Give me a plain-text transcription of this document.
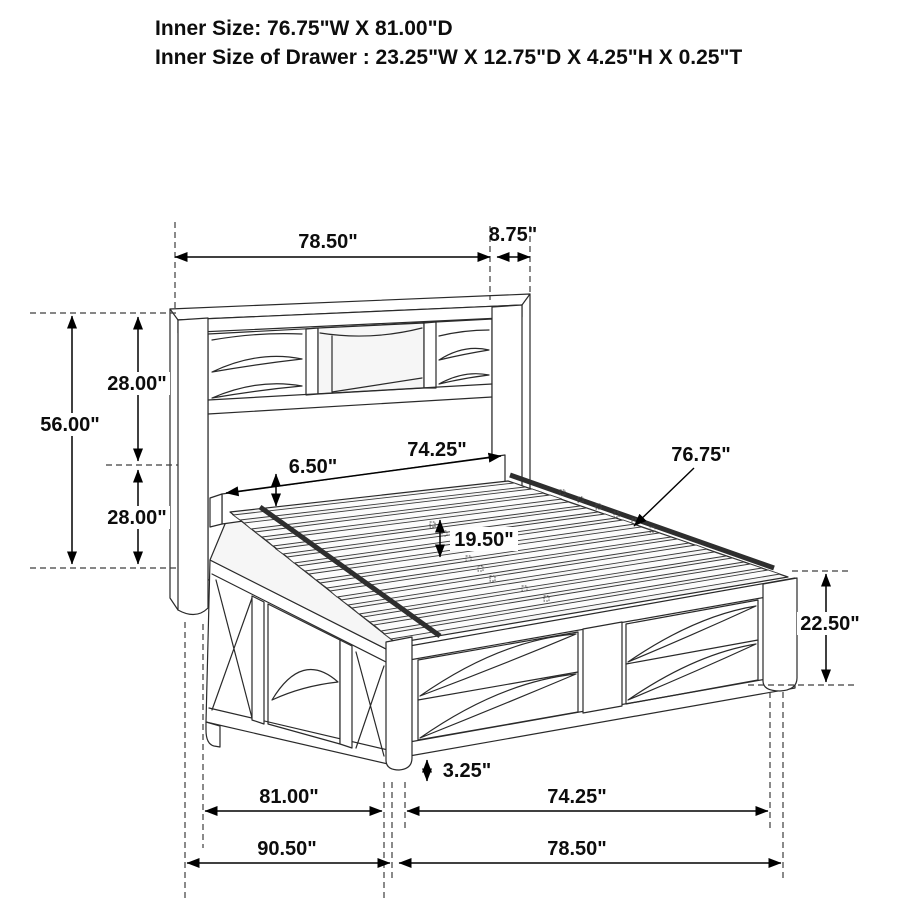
Inner Size: 76.75"W X 81.00"D
Inner Size of Drawer : 23.25"W X 12.75"D X 4.25"H X 0.25"T
78.50"	8.75"
56.00"
28.00"
28.00"
74.25"
6.50"
76.75"
19.50"
22.50"
3.25"
81.00"	74.25"
90.50"	78.50"
